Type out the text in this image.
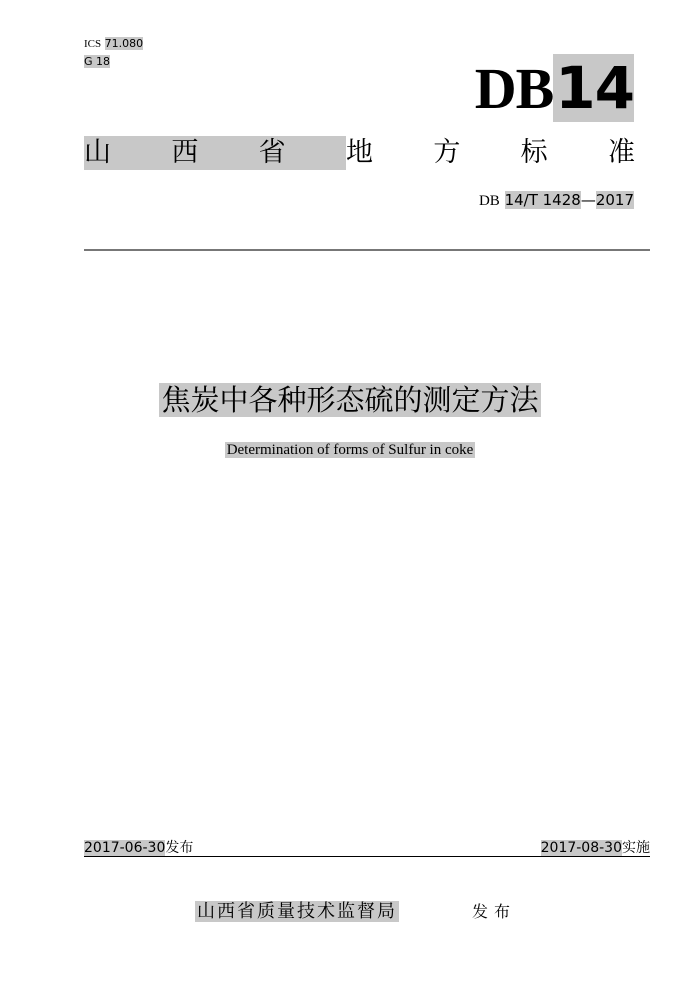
ICS 71.080
G 18	DB14
山	西	省	地	方	标	准
DB 14/T 1428—2017
焦炭中各种形态硫的测定方法
Determination of forms of Sulfur in coke
2017-06-30发布	2017-08-30实施
山西省质量技术监督局	发布
